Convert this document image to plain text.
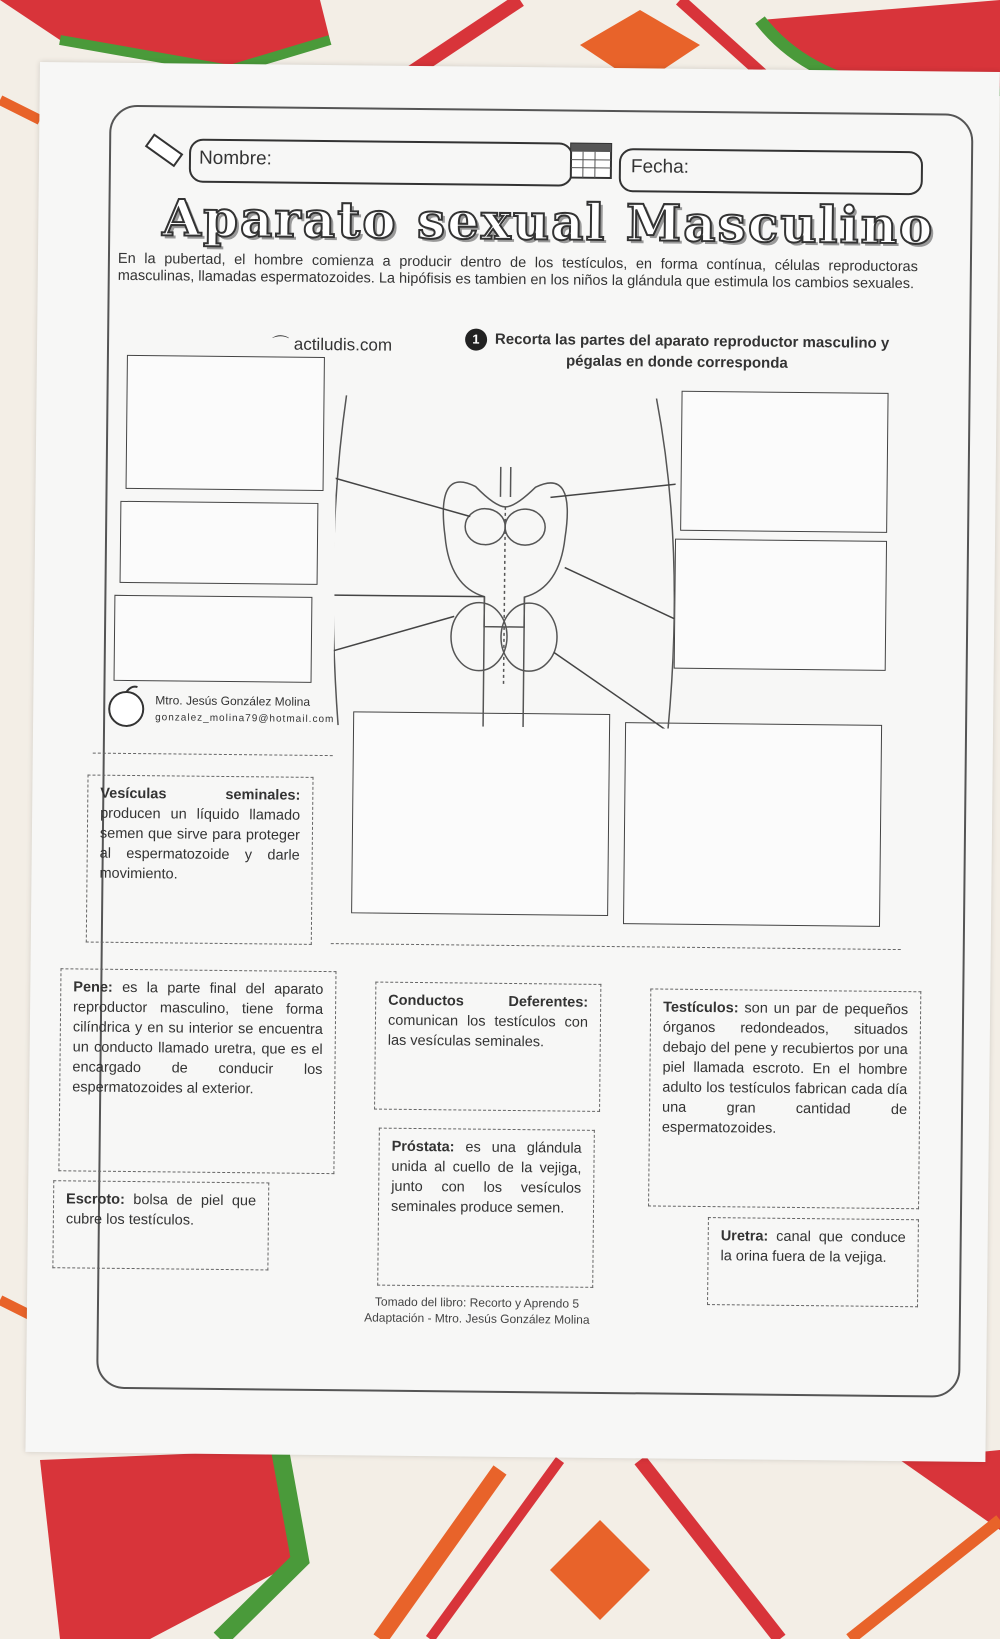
Nombre:	Fecha:
Aparato sexual Masculino
En la pubertad, el hombre comienza a producir dentro de los testículos, en forma contínua, células reproductoras masculinas, llamadas espermatozoides. La hipófisis es tambien en los niños la glándula que estimula los cambios sexuales.
⌒ actiludis.com	1 Recorta las partes del aparato reproductor masculino y pégalas en donde corresponda
Mtro. Jesús González Molina
gonzalez_molina79@hotmail.com
Vesículas seminales: producen un líquido llamado semen que sirve para proteger al espermatozoide y darle movimiento.
Pene: es la parte final del aparato reproductor masculino, tiene forma cilíndrica y en su interior se encuentra un conducto llamado uretra, que es el encargado de conducir los espermatozoides al exterior.
Conductos Deferentes: comunican los testículos con las vesículas seminales.
Testículos: son un par de pequeños órganos redondeados, situados debajo del pene y recubiertos por una piel llamada escroto. En el hombre adulto los testículos fabrican cada día una gran cantidad de espermatozoides.
Escroto: bolsa de piel que cubre los testículos.
Próstata: es una glándula unida al cuello de la vejiga, junto con los vesículos seminales produce semen.
Uretra: canal que conduce la orina fuera de la vejiga.
Tomado del libro: Recorto y Aprendo 5
Adaptación - Mtro. Jesús González Molina
